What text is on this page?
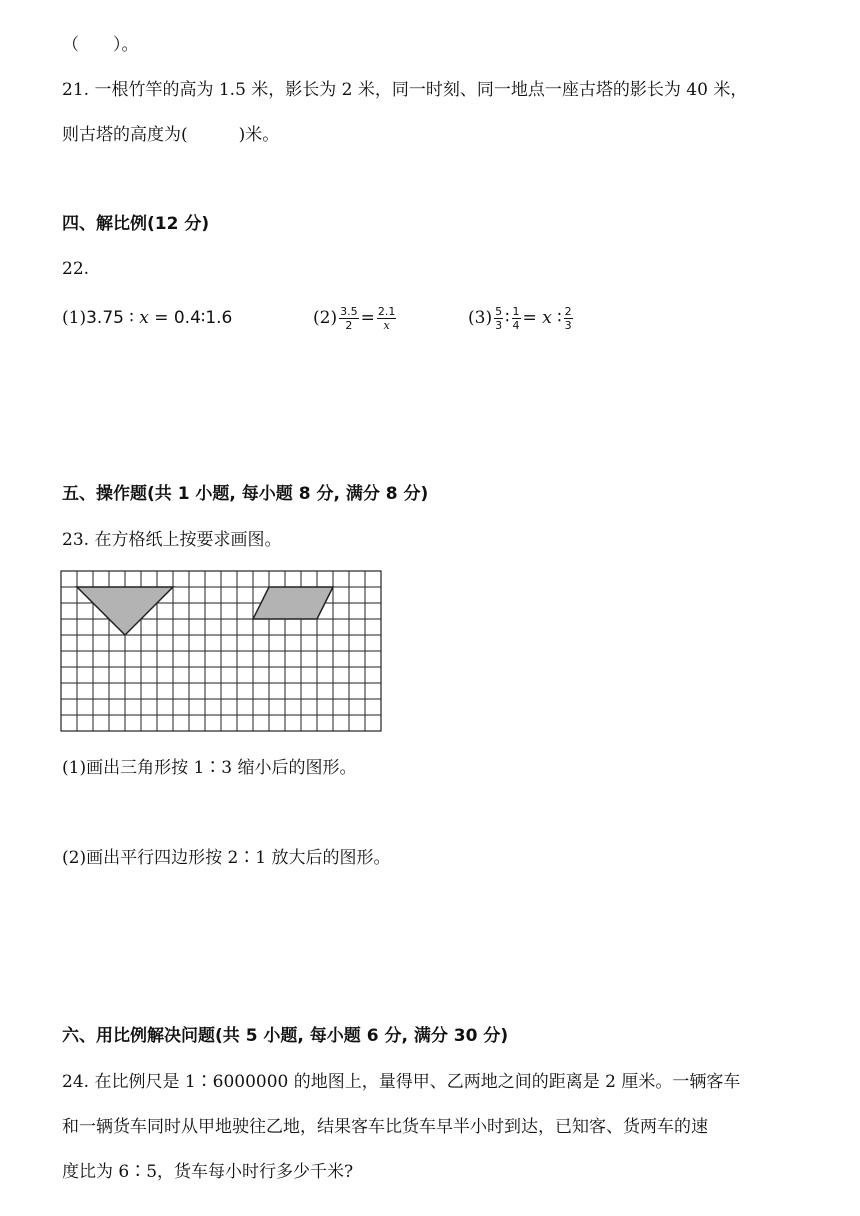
（　　）。
21. 一根竹竿的高为 1.5 米，影长为 2 米，同一时刻、同一地点一座古塔的影长为 40 米，
则古塔的高度为(　　　)米。
四、解比例(12 分)
22.
(1) 3.75 ∶ x = 0.4∶1.6	$(2) \frac{3.5}{2} = \frac{2.1}{x}$	$(3) \frac{5}{3}$ ∶ $\frac{1}{4} = x$ ∶ $\frac{2}{3}$
五、操作题(共 1 小题, 每小题 8 分, 满分 8 分)
23. 在方格纸上按要求画图。
(1)画出三角形按 1∶3 缩小后的图形。
(2)画出平行四边形按 2∶1 放大后的图形。
六、用比例解决问题(共 5 小题, 每小题 6 分, 满分 30 分)
24. 在比例尺是 1∶6000000 的地图上，量得甲、乙两地之间的距离是 2 厘米。一辆客车
和一辆货车同时从甲地驶往乙地，结果客车比货车早半小时到达，已知客、货两车的速
度比为 6∶5，货车每小时行多少千米?
